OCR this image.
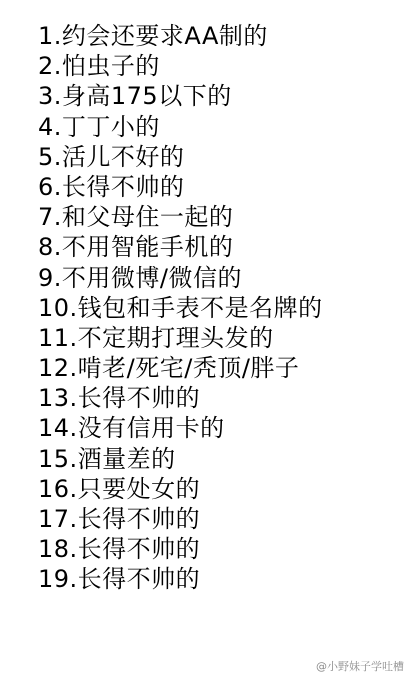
1.约会还要求AA制的
2.怕虫子的
3.身高175以下的
4.丁丁小的
5.活儿不好的
6.长得不帅的
7.和父母住一起的
8.不用智能手机的
9.不用微博/微信的
10.钱包和手表不是名牌的
11.不定期打理头发的
12.啃老/死宅/秃顶/胖子
13.长得不帅的
14.没有信用卡的
15.酒量差的
16.只要处女的
17.长得不帅的
18.长得不帅的
19.长得不帅的
@小野妹子学吐槽
